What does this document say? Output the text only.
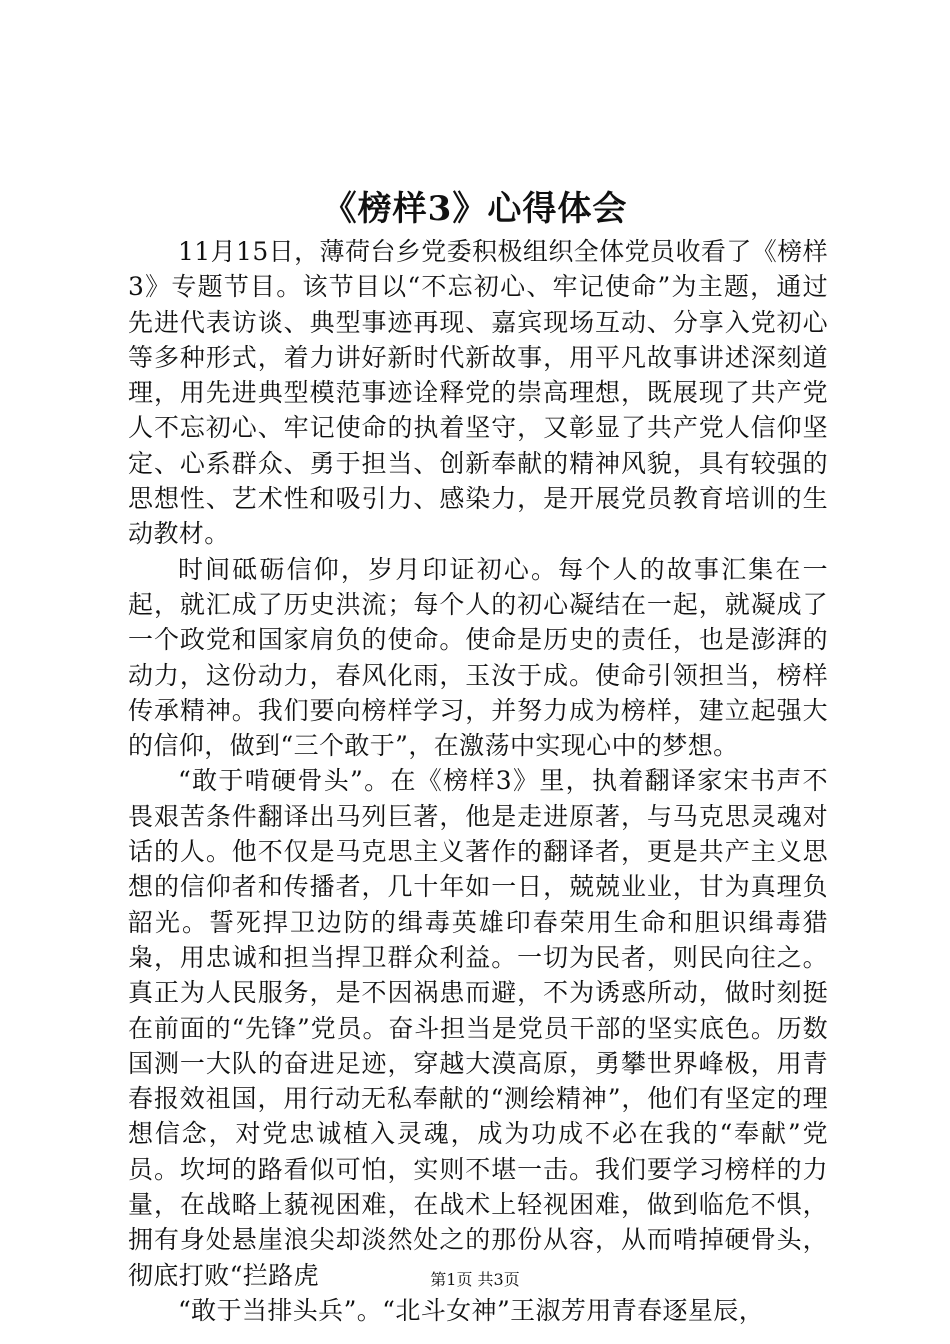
《榜样3》心得体会

11月15日，薄荷台乡党委积极组织全体党员收看了《榜样3》专题节目。该节目以“不忘初心、牢记使命”为主题，通过先进代表访谈、典型事迹再现、嘉宾现场互动、分享入党初心等多种形式，着力讲好新时代新故事，用平凡故事讲述深刻道理，用先进典型模范事迹诠释党的崇高理想，既展现了共产党人不忘初心、牢记使命的执着坚守，又彰显了共产党人信仰坚定、心系群众、勇于担当、创新奉献的精神风貌，具有较强的思想性、艺术性和吸引力、感染力，是开展党员教育培训的生动教材。

时间砥砺信仰，岁月印证初心。每个人的故事汇集在一起，就汇成了历史洪流；每个人的初心凝结在一起，就凝成了一个政党和国家肩负的使命。使命是历史的责任，也是澎湃的动力，这份动力，春风化雨，玉汝于成。使命引领担当，榜样传承精神。我们要向榜样学习，并努力成为榜样，建立起强大的信仰，做到“三个敢于”，在激荡中实现心中的梦想。

“敢于啃硬骨头”。在《榜样3》里，执着翻译家宋书声不畏艰苦条件翻译出马列巨著，他是走进原著，与马克思灵魂对话的人。他不仅是马克思主义著作的翻译者，更是共产主义思想的信仰者和传播者，几十年如一日，兢兢业业，甘为真理负韶光。誓死捍卫边防的缉毒英雄印春荣用生命和胆识缉毒猎枭，用忠诚和担当捍卫群众利益。一切为民者，则民向往之。真正为人民服务，是不因祸患而避，不为诱惑所动，做时刻挺在前面的“先锋”党员。奋斗担当是党员干部的坚实底色。历数国测一大队的奋进足迹，穿越大漠高原，勇攀世界峰极，用青春报效祖国，用行动无私奉献的“测绘精神”，他们有坚定的理想信念，对党忠诚植入灵魂，成为功成不必在我的“奉献”党员。坎坷的路看似可怕，实则不堪一击。我们要学习榜样的力量，在战略上藐视困难，在战术上轻视困难，做到临危不惧，拥有身处悬崖浪尖却淡然处之的那份从容，从而啃掉硬骨头，彻底打败“拦路虎

“敢于当排头兵”。“北斗女神”王淑芳用青春逐星辰，

第1页 共3页
